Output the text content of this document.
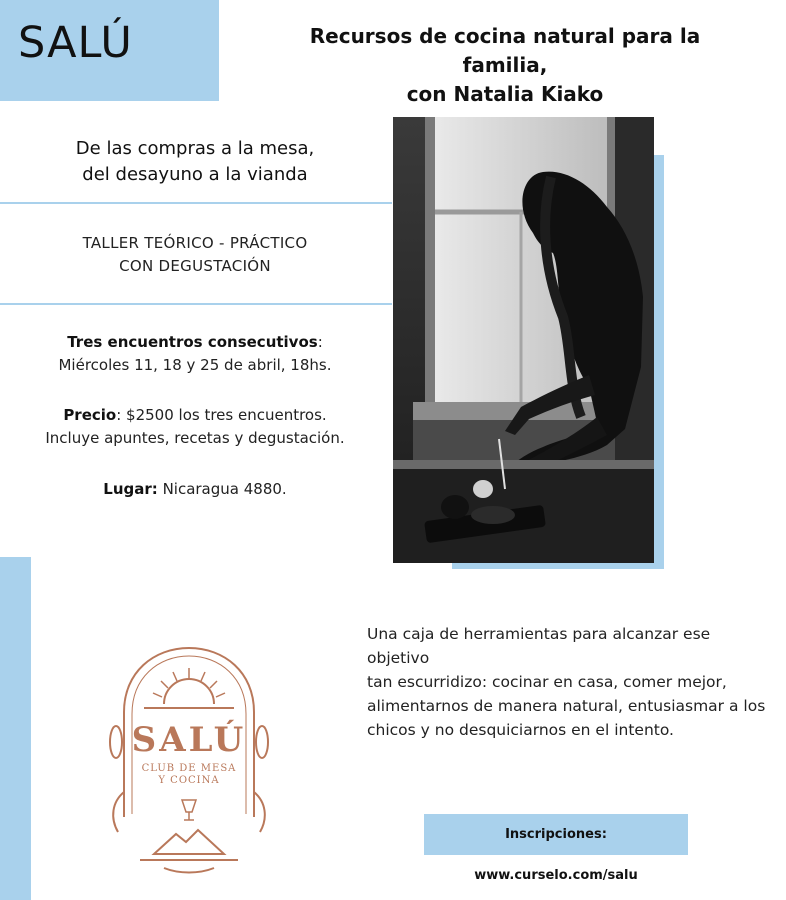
SALÚ	Recursos de cocina natural para la familia,
con Natalia Kiako
De las compras a la mesa,
del desayuno a la vianda
TALLER TEÓRICO - PRÁCTICO
CON DEGUSTACIÓN
Tres encuentros consecutivos:
Miércoles 11, 18 y 25 de abril, 18hs.
Precio: $2500 los tres encuentros.
Incluye apuntes, recetas y degustación.
Lugar: Nicaragua 4880.
SALÚ
CLUB DE MESA
Y COCINA
Una caja de herramientas para alcanzar ese objetivo
tan escurridizo: cocinar en casa, comer mejor,
alimentarnos de manera natural, entusiasmar a los
chicos y no desquiciarnos en el intento.
Inscripciones: www.curselo.com/salu
